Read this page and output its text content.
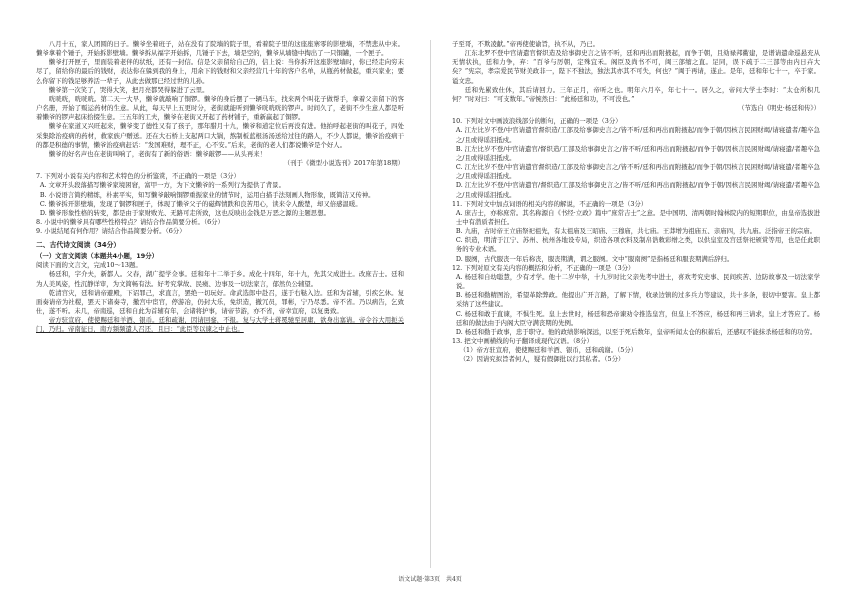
八月十五，家人团圆的日子。懒爷坐着班子，站在没有了院墙的院子里，看着院子里的这座座寨零的影壁墙，不禁悲从中来。懒爷拿着个锤子，开始拆影壁墙。懒爷拆从福字开始拆，几锤子下去，墙是空的，懒爷从墙缝中掏出了一只铜罐，一个匣子。

懒爷打开匣子，里面装着老伴的状纸，还有一封信。信是父亲留给自己的，信上说：当你拆开这座影壁墙时，你已经走向穷末尽了，留给你的最后的钱财，表达你在躲到我的身上，用余下的钱财和父亲经营几十年的客户名单，从瓶药材做起，重兴家业；要么你留下的钱足够养活一辈子，从此去做那已经过世的儿孙。

懒爷第一次笑了，哭得大笑，把月亮都哭得躲进了云里。

咣咣咣，咣咣咣。第二天一大早，懒爷就敲响了铜锣。懒爷的身后摆了一辆马车，找来两个叫花子做帮手，拿着父亲留下的客户名册，开始了贩运药材的生意。从此，每天早上五更时分，老街就能听到懒爷咣咣咣的锣声。时间久了，老街不少生意人都是听着懒爷的锣声起床拾掇生意。三五年的工夫，懒爷在老街又开起了药材铺子，重新赢起了铜锣。

懒爷在家道又兴旺起来，懒爷变了德性又有了孩子，那年腊月十九，懒爷和道定位后再没有进。他拍呼起老街的叫花子，四处采集除治疫病的药材，救家族户赠送。还在大石桥上支起两口大锅，熬制板蓝根汤汤送给过往的路人，不少人都说，懒爷治疫病干的都是积德的事情，懒爷治疫病赶话：“发国难财，理不正，心不安。”后来，老街的老人们都说懒爷是个好人。

懒爷的好名声也在老街叫响了，老街有了新的俗语：懒爷敲锣——从头再来！

（刊于《微型小说选刊》2017年第18期）

7. 下列对小说有关内容和艺术特色的分析鉴赏，不正确的一项是（3分）

A. 文章开头段落描写懒爷家境困窘，富甲一方，为下文懒爷的一系列行为提供了背景。

B. 小说语言简约精练，朴素平实，知写懒爷敲响铜锣重振家业的情节时，运用白描手法刻画人物形象，既简洁又传神。

C. 懒爷拆开影壁墙，发现了铜锣和匣子，体现了懒爷父子的磁辉情跌和良苦用心，读来令人酸楚，却又倍感温暖。

D. 懒爷形象性格的转变，都是由于家财败光、无路可走所致，这也反映出金钱是万恶之源的主题思想。

8. 小说中的懒爷具有哪些性格特点？请结合作品简要分析。（6分）

9. 小说结尾有何作用？请结合作品简要分析。（6分）

二、古代诗文阅读（34分）

（一）文言文阅读（本题共4小题，19分）

阅读下面的文言文，完成10～13题。

杨廷和，字介夫，新都人。父春，湖广提学佥事。廷和年十二举于乡。成化十四年，年十九，先其父成进士。改庶吉士。廷和为人美风姿，性沉静详审，为文简畅有法。好考究掌故、民瘼、边事及一切法家言，郁然负公辅望。

乾清宫灾，廷和请帝避殿，下诏罪己，求直言，罢绝一切玩好。命武选郎中赴召，遂于右鞑入边。廷和为首辅，引疾乞休。复面奏请帝为社稷，罢天下诸奏寺，撤宫中宦官，停游冶，仍封大乐，免织造，撤冗员，罪彬，宁乃尽悉。帝不省。乃以病告，乞致仕，遂不听。未几，帝南巡，廷和自此为首辅有年，会诸将护事，请帝节游，亦不省，帝幸宣府，以复勇致。

帝方驻宣府，使使赐廷和羊酒、银币。廷和疏谢，因请回銮，不报。复与大学士蒋冕驰至居庸，欲身出塞请。帝令谷大用扼关门，乃归。帝南征日，南方频频遣人召还，且曰：“此臣等以谏之中止也。

子至哥，不欺凌献。”帝再使使谕旨，执不从，乃已。

江东北罗不登中官请遣官督织造及给事御史言之皆不听，廷和再出而附掖起，而争于朝，且劾禄邦衢建，是谱请遣命巡悬充从无情状执，廷和力争，弃：“百爷与厉朝，定殊宜禾。阁臣及尚书不可，闽三部缩之直。足同，误下疏于二三部等由内日卉大矣？”宪宗，孝宗爱民节财美政非一，陛下不独法，独法其亦其不可失，何也？”闽于再请，遂止。是年，廷和年七十一，卒于家。谥文忠。

廷和先累致仕休，其后请回力。三年正月，帝听之也。明年六月卒，年七十一。居久之，帝问大学士李时：“太仓所积几何？”时对曰：“可支数年。”帝惋然曰：“此杨廷和功，不可没也。”

（节选自《明史·杨廷和传》）

10. 下列对文中画波浪线部分的断句，正确的一项是（3分）

A. 江左比岁不登/中官请遣官督织造/工部及给事御史言之/皆不听/廷和再出而附掖起/而争于朝/因核言民困财竭/请寝遣者/趣卒急之/且或得谣泪抵戍。

B. 江左比岁不登/中官请遣官/督织造/工部及给事御史言之/皆不听/廷和再出而附掖起/而争于朝/因核言民困财竭/请寝遣/者趣卒急之/且或得谣泪抵戍。

C. 江左比岁不登/中官请遣官督织造/工部及给事御史言之/皆不听/廷和再出而附掖起/而争于朝/因核言民困财竭/请寝遣/者趣卒急之/且或得谣泪抵戍。

D. 江左比岁不登/中官请遣官/督织造/工部及给事御史言之/皆不听/廷和再出而附掖起/而争于朝/因核言民困财竭/请寝遣/者趣卒急之/且或得谣泪抵戍。

11. 下列对文中加点词语的相关内容的解说，不正确的一项是（3分）

A. 庶吉士，亦称庶常。其名称源自《书经·立政》篇中“庶常吉士”之意。是中国明、清两朝时翰林院内的短期职位，由皇帝选拔进士中有潜质者担任。

B. 九庙，古时帝王立庙祭祀祖先，有太祖庙及三昭庙、三穆庙，共七庙。王莽增为祖庙五、亲庙四，共九庙。泛指帝王的宗庙。

C. 织造，明清于江宁、苏州、杭州各地设专局，织造各项衣料及制帛诰敕彩缯之类，以供皇室及宫廷祭祀颁赏等用，也是任此职务的专业术语。

D. 服阕，古代服丧一年后称丧，服丧期满，谓之服阕。文中“服南阕”是指杨廷和服丧期满后辞归。

12. 下列对原文有关内容的概括和分析，不正确的一项是（3分）

A. 杨廷和自幼聪慧，少有才学。他十二岁中举，十九岁时比父亲先考中进士，喜欢考究史事、民间疾苦、边防故事及一切法家学说。

B. 杨廷和勤精图治，希望革除弊政。他提出广开言路，了解下情，收录边镇的过多兵力等建议，共十多条，很切中要害。皇上都采纳了这些建议。

C. 杨廷和敢于直谏，不惧生死。皇上去世时，杨廷和恐帝谏劝令推选皇宫，但皇上不答应，杨廷和再三请求，皇上才答应了。杨廷和的做法由于内阁大臣守满丧期的先例。

D. 杨廷和勤于政事，忠于职守。他的政绩影响深远，以至于死后数年，皇帝听闻太仓的积蓄后，还感叹不能抹杀杨廷和的功劳。

13. 把文中画横线的句子翻译成现代汉语。（8分）

（1）帝方驻宣府，使使赐廷和羊酒、银币，廷和疏谢。（5分）

（2）因请究拟旨者何人，疑有假御批以行其私者。（5分）

语文试题·第3页　共4页
